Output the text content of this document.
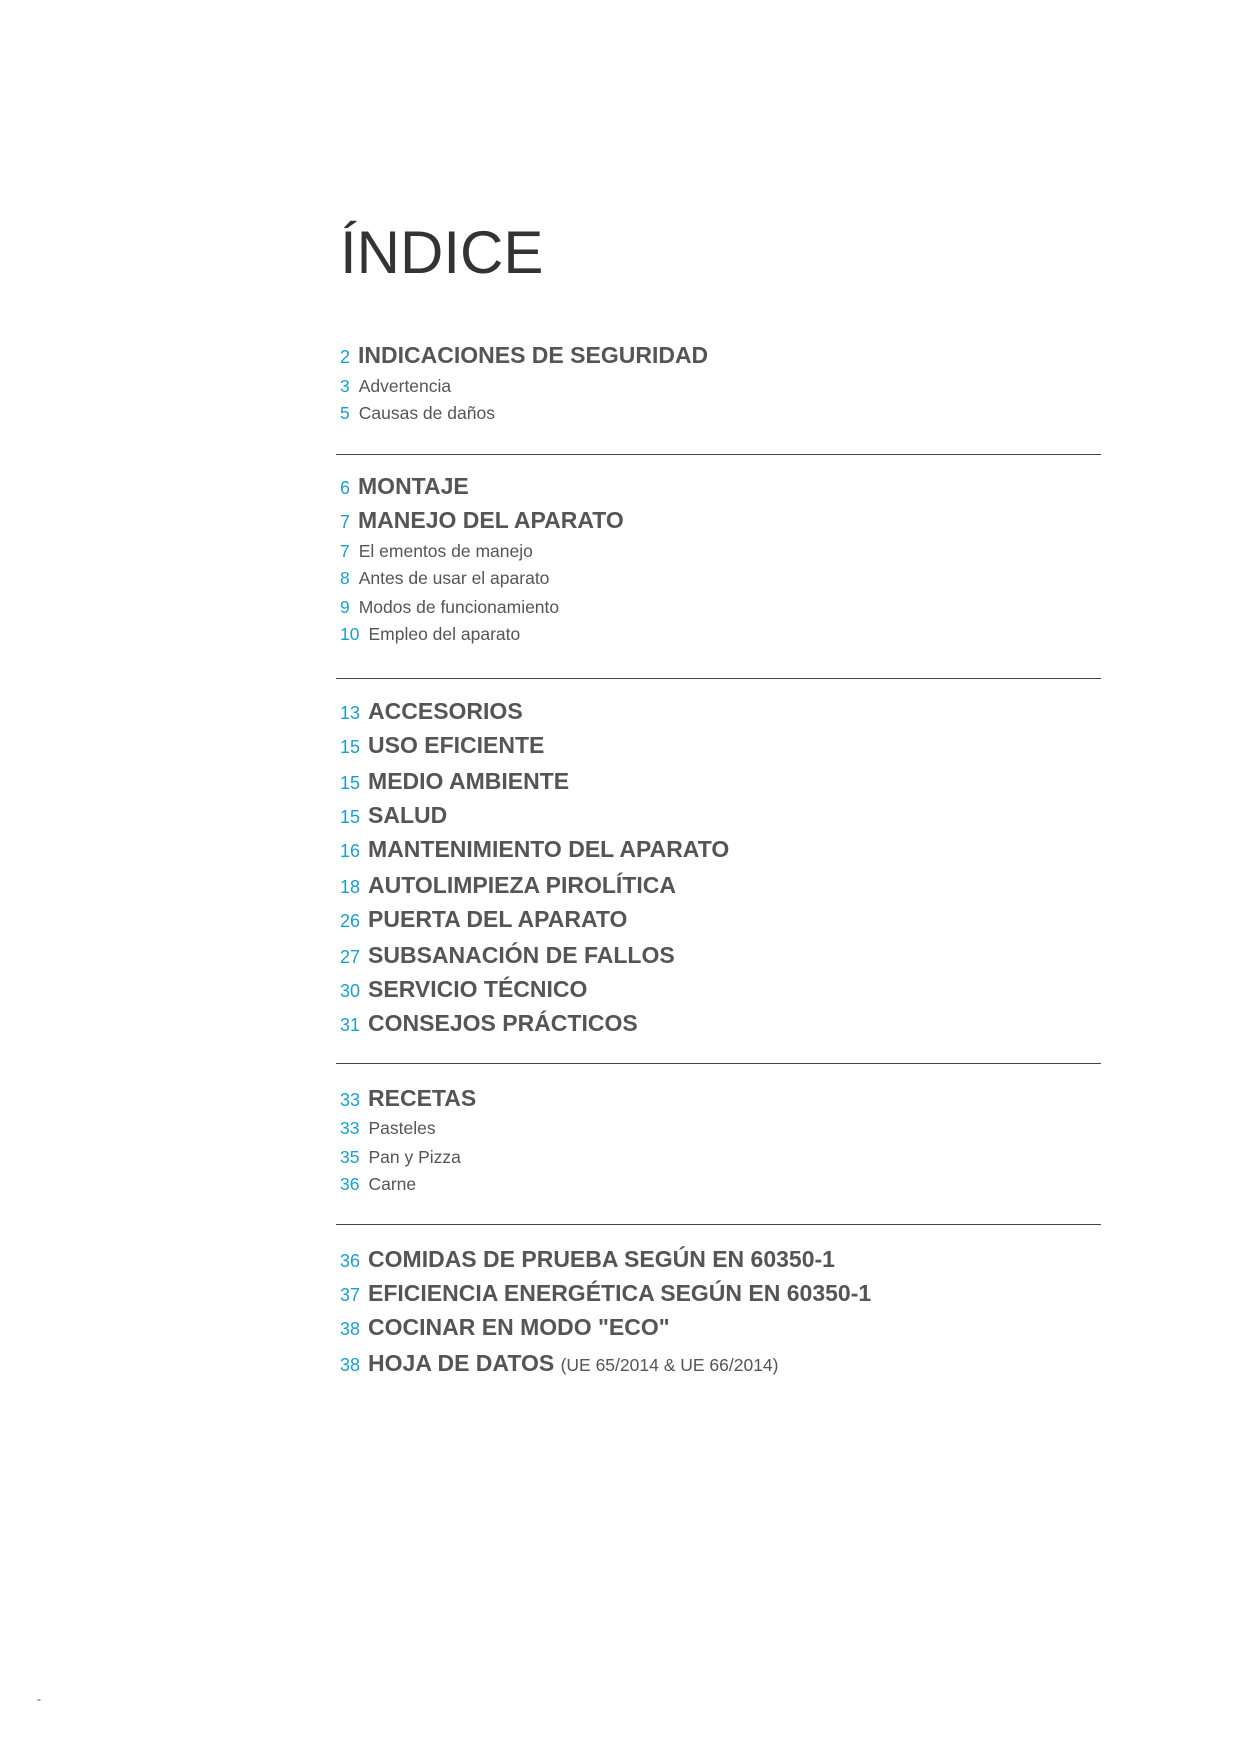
ÍNDICE
2 INDICACIONES DE SEGURIDAD
3 Advertencia
5 Causas de daños
6 MONTAJE
7 MANEJO DEL APARATO
7 El ementos de manejo
8 Antes de usar el aparato
9 Modos de funcionamiento
10 Empleo del aparato
13 ACCESORIOS
15 USO EFICIENTE
15 MEDIO AMBIENTE
15 SALUD
16 MANTENIMIENTO DEL APARATO
18 AUTOLIMPIEZA PIROLÍTICA
26 PUERTA DEL APARATO
27 SUBSANACIÓN DE FALLOS
30 SERVICIO TÉCNICO
31 CONSEJOS PRÁCTICOS
33 RECETAS
33 Pasteles
35 Pan y Pizza
36 Carne
36 COMIDAS DE PRUEBA SEGÚN EN 60350-1
37 EFICIENCIA ENERGÉTICA SEGÚN EN 60350-1
38 COCINAR EN MODO "ECO"
38 HOJA DE DATOS (UE 65/2014 & UE 66/2014)
-
